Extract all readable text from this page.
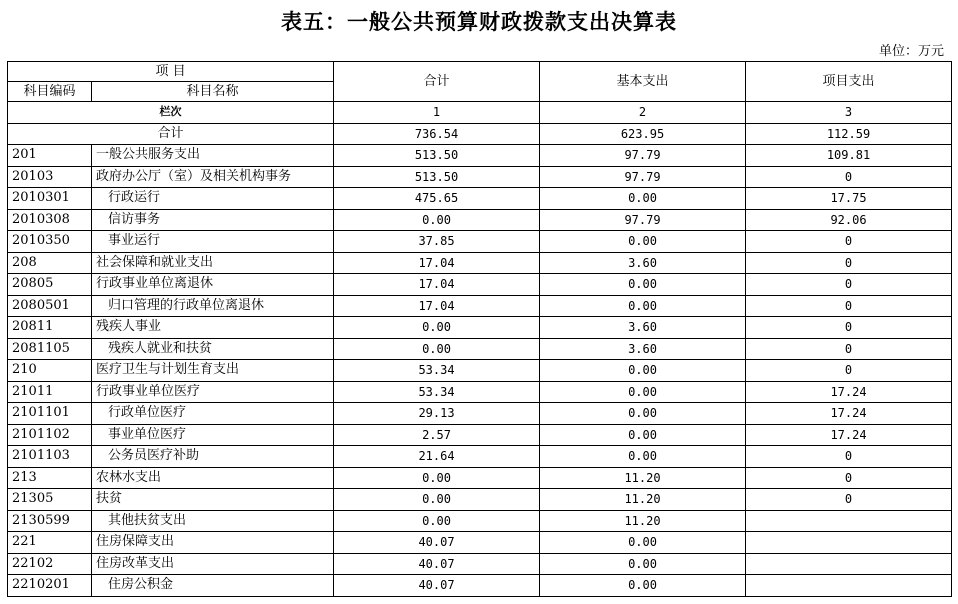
表五：一般公共预算财政拨款支出决算表
单位：万元
项 目		合计	基本支出	项目支出
科目编码	科目名称			
栏次		1	2	3
合计		736.54	623.95	112.59
201	一般公共服务支出	513.50	97.79	109.81
20103	政府办公厅（室）及相关机构事务	513.50	97.79	0
2010301	行政运行	475.65	0.00	17.75
2010308	信访事务	0.00	97.79	92.06
2010350	事业运行	37.85	0.00	0
208	社会保障和就业支出	17.04	3.60	0
20805	行政事业单位离退休	17.04	0.00	0
2080501	归口管理的行政单位离退休	17.04	0.00	0
20811	残疾人事业	0.00	3.60	0
2081105	残疾人就业和扶贫	0.00	3.60	0
210	医疗卫生与计划生育支出	53.34	0.00	0
21011	行政事业单位医疗	53.34	0.00	17.24
2101101	行政单位医疗	29.13	0.00	17.24
2101102	事业单位医疗	2.57	0.00	17.24
2101103	公务员医疗补助	21.64	0.00	0
213	农林水支出	0.00	11.20	0
21305	扶贫	0.00	11.20	0
2130599	其他扶贫支出	0.00	11.20	
221	住房保障支出	40.07	0.00	
22102	住房改革支出	40.07	0.00	
2210201	住房公积金	40.07	0.00	
